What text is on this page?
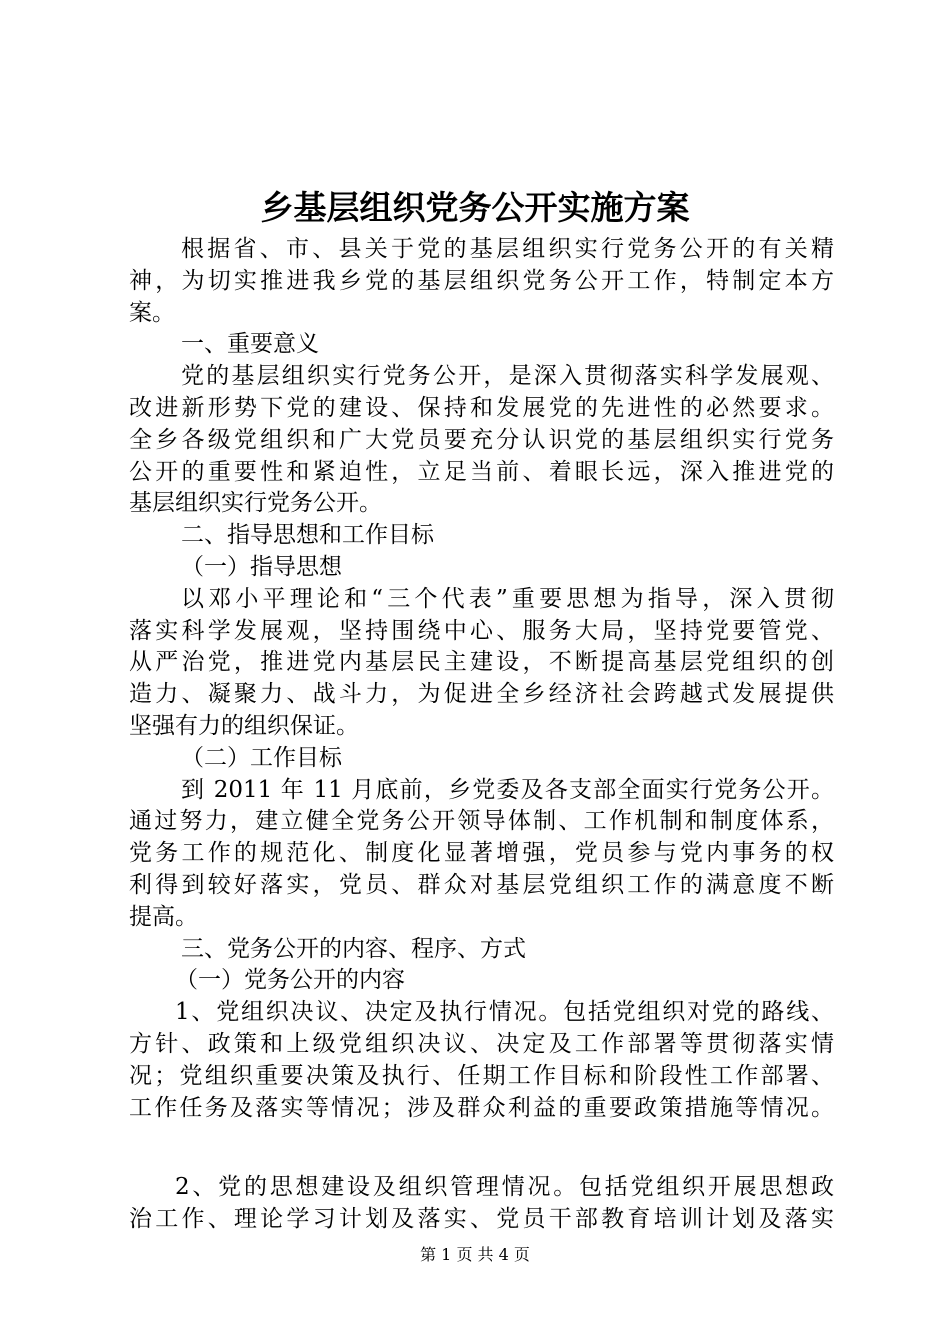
乡基层组织党务公开实施方案
根据省、市、县关于党的基层组织实行党务公开的有关精
神，为切实推进我乡党的基层组织党务公开工作，特制定本方
案。
一、重要意义
党的基层组织实行党务公开，是深入贯彻落实科学发展观、
改进新形势下党的建设、保持和发展党的先进性的必然要求。
全乡各级党组织和广大党员要充分认识党的基层组织实行党务
公开的重要性和紧迫性，立足当前、着眼长远，深入推进党的
基层组织实行党务公开。
二、指导思想和工作目标
（一）指导思想
以邓小平理论和“三个代表”重要思想为指导，深入贯彻
落实科学发展观，坚持围绕中心、服务大局，坚持党要管党、
从严治党，推进党内基层民主建设，不断提高基层党组织的创
造力、凝聚力、战斗力，为促进全乡经济社会跨越式发展提供
坚强有力的组织保证。
（二）工作目标
到 2011 年 11 月底前，乡党委及各支部全面实行党务公开。
通过努力，建立健全党务公开领导体制、工作机制和制度体系，
党务工作的规范化、制度化显著增强，党员参与党内事务的权
利得到较好落实，党员、群众对基层党组织工作的满意度不断
提高。
三、党务公开的内容、程序、方式
（一）党务公开的内容
1、党组织决议、决定及执行情况。包括党组织对党的路线、
方针、政策和上级党组织决议、决定及工作部署等贯彻落实情
况；党组织重要决策及执行、任期工作目标和阶段性工作部署、
工作任务及落实等情况；涉及群众利益的重要政策措施等情况。
2、党的思想建设及组织管理情况。包括党组织开展思想政
治工作、理论学习计划及落实、党员干部教育培训计划及落实
第 1 页 共 4 页
